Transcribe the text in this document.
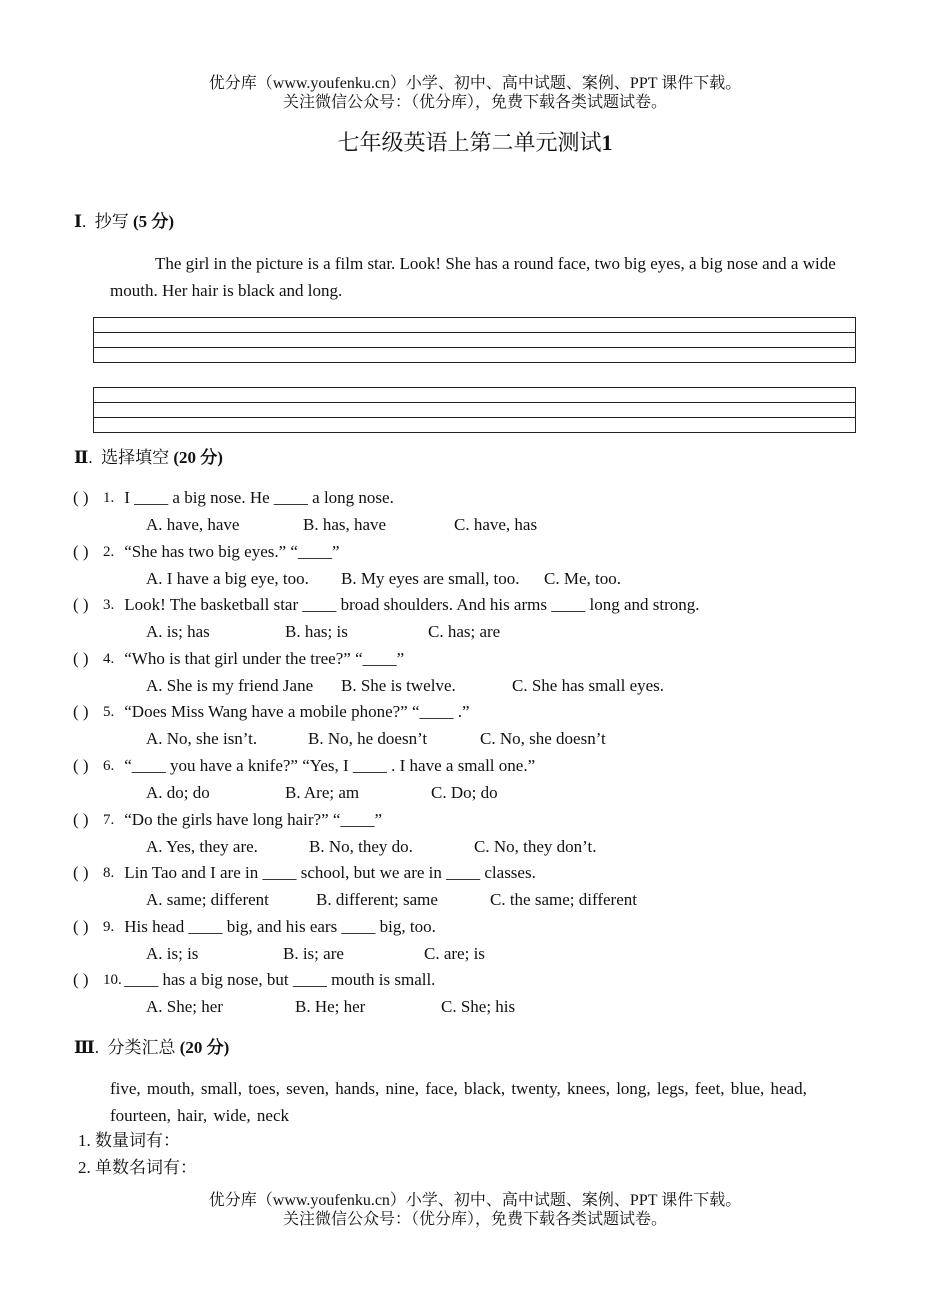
优分库（www.youfenku.cn）小学、初中、高中试题、案例、PPT 课件下载。
关注微信公众号：（优分库），免费下载各类试题试卷。
七年级英语上第二单元测试1
Ⅰ.  抄写 (5 分)
The girl in the picture is a film star. Look! She has a round face, two big eyes, a big nose and a wide mouth. Her hair is black and long.
Ⅱ.  选择填空 (20 分)
( ) 1. I ____ a big nose. He ____ a long nose.
A. have, have	B. has, have	C. have, has
( ) 2. “She has two big eyes.” “____”
A. I have a big eye, too. B. My eyes are small, too. C. Me, too.
( ) 3. Look! The basketball star ____ broad shoulders. And his arms ____ long and strong.
A. is; has	B. has; is	C. has; are
( ) 4. “Who is that girl under the tree?” “____”
A. She is my friend Jane B. She is twelve.	C. She has small eyes.
( ) 5. “Does Miss Wang have a mobile phone?” “____ .”
A. No, she isn’t.	B. No, he doesn’t	C. No, she doesn’t
( ) 6. “____ you have a knife?” “Yes, I ____ . I have a small one.”
A. do; do	B. Are; am	C. Do; do
( ) 7. “Do the girls have long hair?” “____”
A. Yes, they are.	B. No, they do.	C. No, they don’t.
( ) 8. Lin Tao and I are in ____ school, but we are in ____ classes.
A. same; different	B. different; same	C. the same; different
( ) 9. His head ____ big, and his ears ____ big, too.
A. is; is	B. is; are	C. are; is
( ) 10. ____ has a big nose, but ____ mouth is small.
A. She; her	B. He; her	C. She; his
Ⅲ.  分类汇总 (20 分)
five, mouth, small, toes, seven, hands, nine, face, black, twenty, knees, long, legs, feet, blue, head, fourteen, hair, wide, neck
1. 数量词有：
2. 单数名词有：
优分库（www.youfenku.cn）小学、初中、高中试题、案例、PPT 课件下载。
关注微信公众号：（优分库），免费下载各类试题试卷。
